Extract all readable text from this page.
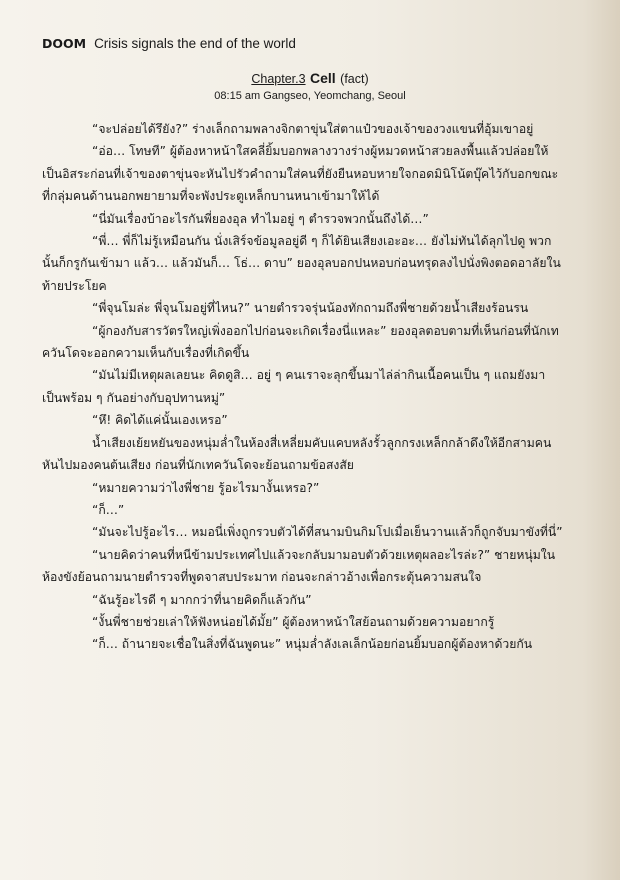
DOOM Crisis signals the end of the world
Chapter.3 Cell (fact)
08:15 am Gangseo, Yeomchang, Seoul

“จะปล่อยได้รึยัง?” ร่างเล็กถามพลางจิกตาขุ่นใส่ตาแป๋วของเจ้าของวงแขนที่อุ้มเขาอยู่

“อ่อ… โทษที” ผู้ต้องหาหน้าใสคลี่ยิ้มบอกพลางวางร่างผู้หมวดหน้าสวยลงพื้นแล้วปล่อยให้เป็นอิสระก่อนที่เจ้าของตาขุ่นจะหันไปรัวคำถามใส่คนที่ยังยืนหอบหายใจกอดมินิโน้ตบุ๊คไว้กับอกขณะที่กลุ่มคนด้านนอกพยายามที่จะพังประตูเหล็กบานหนาเข้ามาให้ได้

“นี่มันเรื่องบ้าอะไรกันพี่ยองอุล ทำไมอยู่ ๆ ตำรวจพวกนั้นถึงได้…”

“พี่… พี่ก็ไม่รู้เหมือนกัน นั่งเสิร์จข้อมูลอยู่ดี ๆ ก็ได้ยินเสียงเอะอะ… ยังไม่ทันได้ลุกไปดู พวกนั้นก็กรูกันเข้ามา แล้ว… แล้วมันก็… โธ่… ดาบ” ยองอุลบอกปนหอบก่อนทรุดลงไปนั่งพิงตอดอาลัยในท้ายประโยค

“พี่จุนโมล่ะ พี่จุนโมอยู่ที่ไหน?” นายตำรวจรุ่นน้องทักถามถึงพี่ชายด้วยน้ำเสียงร้อนรน

“ผู้กองกับสารวัตรใหญ่เพิ่งออกไปก่อนจะเกิดเรื่องนี่แหละ” ยองอุลตอบตามที่เห็นก่อนที่นักเทควันโดจะออกความเห็นกับเรื่องที่เกิดขึ้น

“มันไม่มีเหตุผลเลยนะ คิดดูสิ… อยู่ ๆ คนเราจะลุกขึ้นมาไล่ล่ากินเนื้อคนเป็น ๆ แถมยังมาเป็นพร้อม ๆ กันอย่างกับอุปทานหมู่”

“หึ! คิดได้แค่นั้นเองเหรอ”

น้ำเสียงเย้ยหยันของหนุ่มล่ำในห้องสี่เหลี่ยมคับแคบหลังรั้วลูกกรงเหล็กกล้าดึงให้อีกสามคนหันไปมองคนต้นเสียง ก่อนที่นักเทควันโดจะย้อนถามข้อสงสัย

“หมายความว่าไงพี่ชาย รู้อะไรมางั้นเหรอ?”

“ก็…”

“มันจะไปรู้อะไร… หมอนี่เพิ่งถูกรวบตัวได้ที่สนามบินกิมโปเมื่อเย็นวานแล้วก็ถูกจับมาขังที่นี่”

“นายคิดว่าคนที่หนีข้ามประเทศไปแล้วจะกลับมามอบตัวด้วยเหตุผลอะไรล่ะ?” ชายหนุ่มในห้องขังย้อนถามนายตำรวจที่พูดจาสบประมาท ก่อนจะกล่าวอ้างเพื่อกระตุ้นความสนใจ

“ฉันรู้อะไรดี ๆ มากกว่าที่นายคิดก็แล้วกัน”

“งั้นพี่ชายช่วยเล่าให้ฟังหน่อยได้มั้ย” ผู้ต้องหาหน้าใสย้อนถามด้วยความอยากรู้

“ก็… ถ้านายจะเชื่อในสิ่งที่ฉันพูดนะ” หนุ่มล่ำลังเลเล็กน้อยก่อนยิ้มบอกผู้ต้องหาด้วยกัน
